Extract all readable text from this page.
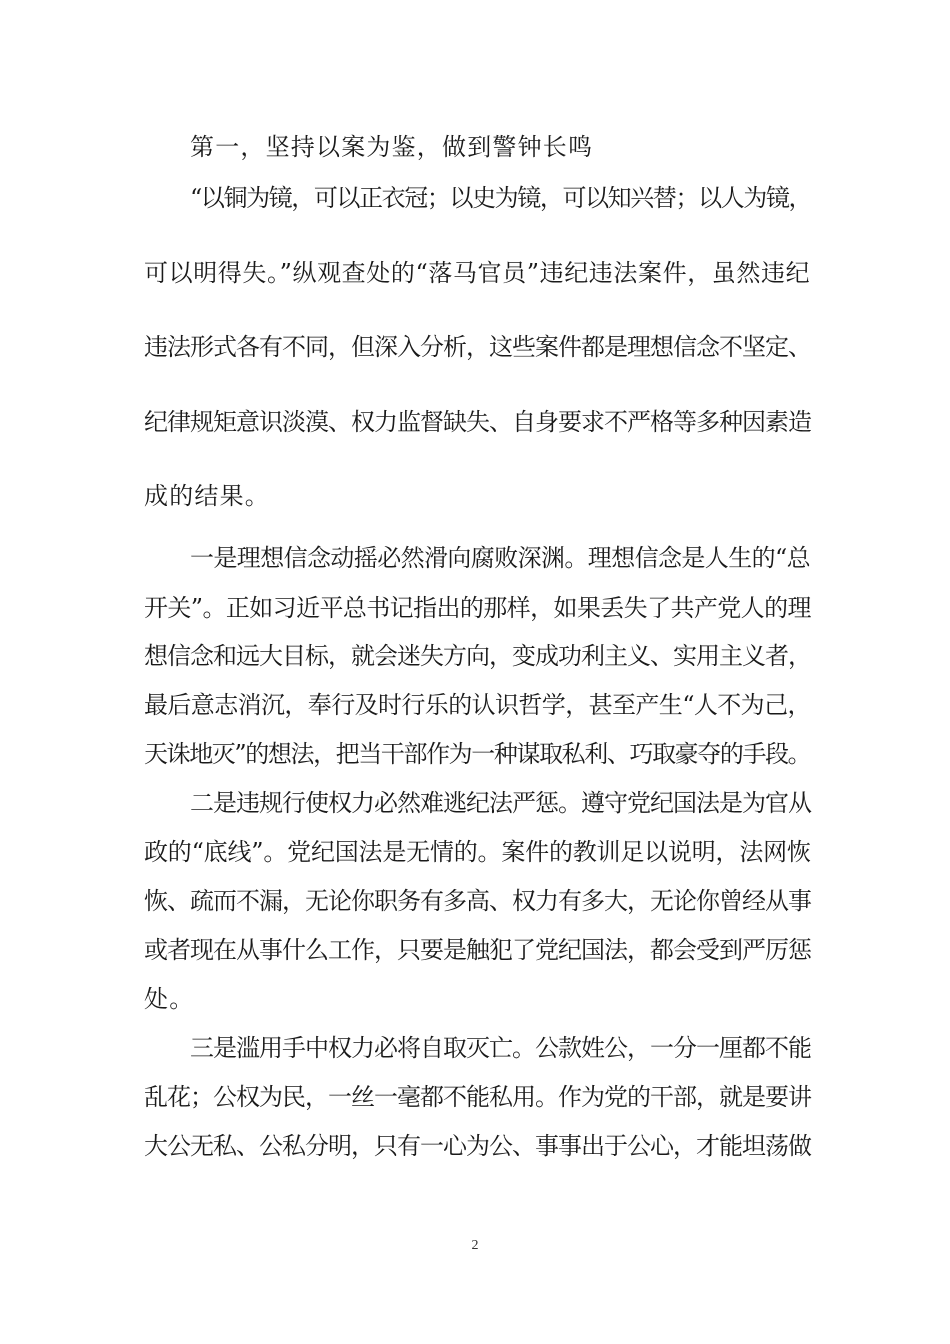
第一，坚持以案为鉴，做到警钟长鸣
“以铜为镜，可以正衣冠；以史为镜，可以知兴替；以人为镜，
可以明得失。”纵观查处的“落马官员”违纪违法案件，虽然违纪
违法形式各有不同，但深入分析，这些案件都是理想信念不坚定、
纪律规矩意识淡漠、权力监督缺失、自身要求不严格等多种因素造
成的结果。
一是理想信念动摇必然滑向腐败深渊。理想信念是人生的“总
开关”。正如习近平总书记指出的那样，如果丢失了共产党人的理
想信念和远大目标，就会迷失方向，变成功利主义、实用主义者，
最后意志消沉，奉行及时行乐的认识哲学，甚至产生“人不为己，
天诛地灭”的想法，把当干部作为一种谋取私利、巧取豪夺的手段。
二是违规行使权力必然难逃纪法严惩。遵守党纪国法是为官从
政的“底线”。党纪国法是无情的。案件的教训足以说明，法网恢
恢、疏而不漏，无论你职务有多高、权力有多大，无论你曾经从事
或者现在从事什么工作，只要是触犯了党纪国法，都会受到严厉惩
处。
三是滥用手中权力必将自取灭亡。公款姓公，一分一厘都不能
乱花；公权为民，一丝一毫都不能私用。作为党的干部，就是要讲
大公无私、公私分明，只有一心为公、事事出于公心，才能坦荡做
2
